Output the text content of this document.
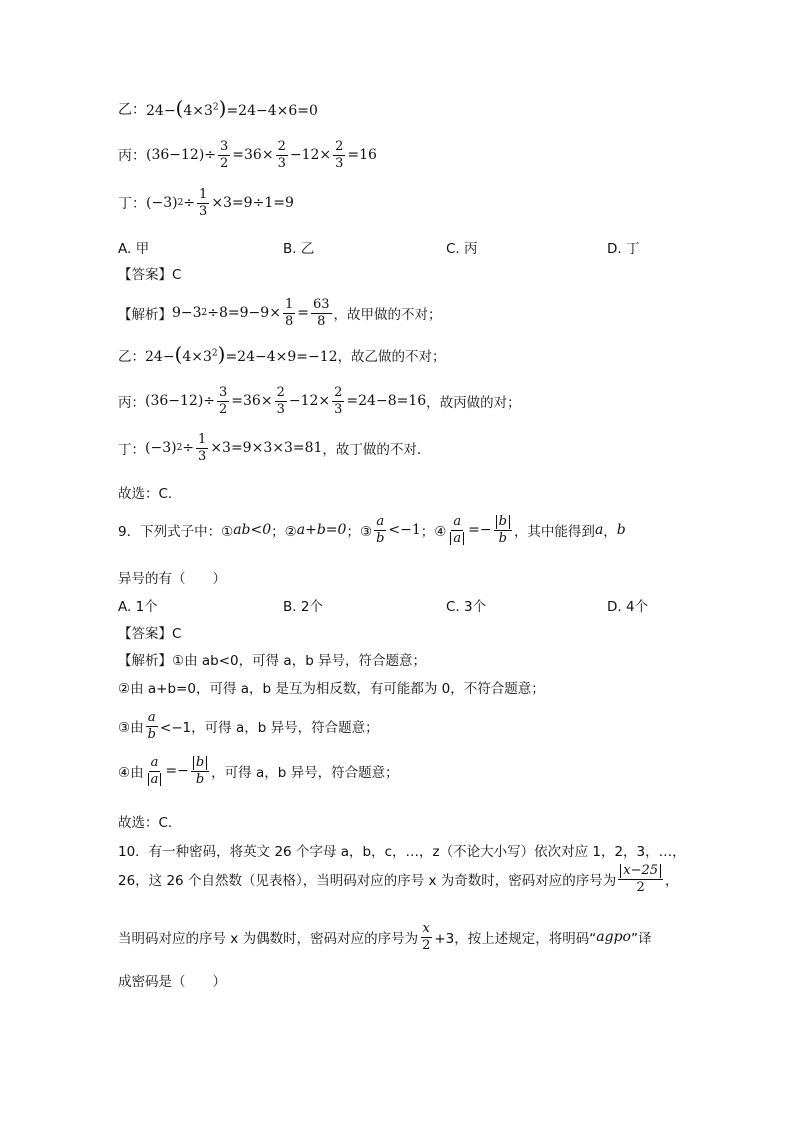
乙： $24-(4\times 3^2)=24-4\times 6=0$
丙： $(36-12)\div \frac{3}{2} =36\times \frac{2}{3} -12\times \frac{2}{3} =16$
丁： (−3) $2 \div \frac{1}{3} \times 3=9\div 1=9$
A. 甲	B. 乙	C. 丙	D. 丁
【答案】C
【解析】 9−3 $2 \div 8=9-9\times \frac{1}{8} = \frac{63}{8}$ ，故甲做的不对；
乙： $24-(4\times 3^2)=24-4\times 9=-12$ ，故乙做的不对；
丙： $(36-12)\div \frac{3}{2} =36\times \frac{2}{3} -12\times \frac{2}{3} =24-8=16$ ，故丙做的对；
丁： (−3) $2 \div \frac{1}{3} \times 3=9\times 3\times 3=81$ ，故丁做的不对．
故选：C．
9．下列式子中：① ab<0 ；② a+b=0 ；③ $\frac{a}{b} <-1$ ；④ $\frac{a}{a} =- \frac{b}{b}$ ，其中能得到 a ， b
异号的有（　　）
A. 1个	B. 2个	C. 3个	D. 4个
【答案】C
【解析】 ①由 ab<0，可得 a，b 异号，符合题意；
②由 a+b=0，可得 a，b 是互为相反数，有可能都为 0，不符合题意；
③由 $\frac{a}{b} <-1$，可得 a，b 异号，符合题意；
④由 $\frac{a}{a} =- \frac{b}{b}$ ，可得 a，b 异号，符合题意；
故选：C．
10．有一种密码，将英文 26 个字母 a，b，c，…，z（不论大小写）依次对应 1，2，3，…，
26，这 26 个自然数（见表格），当明码对应的序号 x 为奇数时，密码对应的序号为 $\frac{x-25}{2}$ ，
当明码对应的序号 x 为偶数时，密码对应的序号为 $\frac{x}{2} +3$，按上述规定，将明码“ agpo ”译
成密码是（　　）
